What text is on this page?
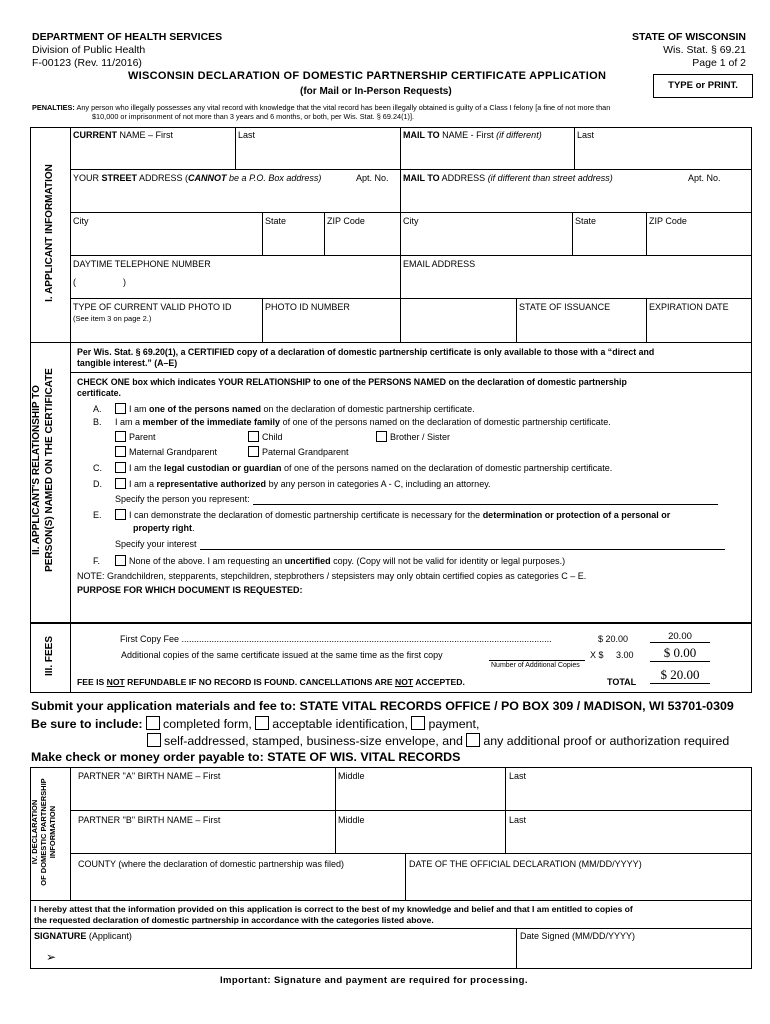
DEPARTMENT OF HEALTH SERVICES
Division of Public Health
F-00123 (Rev. 11/2016)
STATE OF WISCONSIN
Wis. Stat. § 69.21
Page 1 of 2
WISCONSIN DECLARATION OF DOMESTIC PARTNERSHIP CERTIFICATE APPLICATION
(for Mail or In-Person Requests)
TYPE or PRINT.
PENALTIES: Any person who illegally possesses any vital record with knowledge that the vital record has been illegally obtained is guilty of a Class I felony [a fine of not more than
$10,000 or imprisonment of not more than 3 years and 6 months, or both, per Wis. Stat. § 69.24(1)].
I. APPLICANT INFORMATION
CURRENT NAME – First	Last	MAIL TO NAME - First (if different)	Last
YOUR STREET ADDRESS (CANNOT be a P.O. Box address)	Apt. No. MAIL TO ADDRESS (if different than street address)	Apt. No.
City	State	ZIP Code	City	State	ZIP Code
DAYTIME TELEPHONE NUMBER
(	)
EMAIL ADDRESS
TYPE OF CURRENT VALID PHOTO ID
(See item 3 on page 2.)
PHOTO ID NUMBER	STATE OF ISSUANCE	EXPIRATION DATE
II. APPLICANT'S RELATIONSHIP TO PERSON(S) NAMED ON THE CERTIFICATE
Per Wis. Stat. § 69.20(1), a CERTIFIED copy of a declaration of domestic partnership certificate is only available to those with a “direct and
tangible interest.” (A–E)
CHECK ONE box which indicates YOUR RELATIONSHIP to one of the PERSONS NAMED on the declaration of domestic partnership
certificate.
A.	I am one of the persons named on the declaration of domestic partnership certificate.
B. I am a member of the immediate family of one of the persons named on the declaration of domestic partnership certificate.
Parent	Child	Brother / Sister
Maternal Grandparent	Paternal Grandparent
C.	I am the legal custodian or guardian of one of the persons named on the declaration of domestic partnership certificate.
D.	I am a representative authorized by any person in categories A - C, including an attorney.
Specify the person you represent:
E.	I can demonstrate the declaration of domestic partnership certificate is necessary for the determination or protection of a personal or
property right.
Specify your interest
F.	None of the above. I am requesting an uncertified copy. (Copy will not be valid for identity or legal purposes.)
NOTE: Grandchildren, stepparents, stepchildren, stepbrothers / stepsisters may only obtain certified copies as categories C – E.
PURPOSE FOR WHICH DOCUMENT IS REQUESTED:
III. FEES	First Copy Fee ....................................................................................................................................................	$ 20.00	20.00
Additional copies of the same certificate issued at the same time as the first copy	X $ 3.00	$ 0.00
Number of Additional Copies
FEE IS NOT REFUNDABLE IF NO RECORD IS FOUND. CANCELLATIONS ARE NOT ACCEPTED.	TOTAL	$ 20.00
Submit your application materials and fee to: STATE VITAL RECORDS OFFICE / PO BOX 309 / MADISON, WI 53701-0309
Be sure to include: completed form, acceptable identification, payment,
self-addressed, stamped, business-size envelope, and any additional proof or authorization required
Make check or money order payable to: STATE OF WIS. VITAL RECORDS
IV. DECLARATION OF DOMESTIC PARTNERSHIP INFORMATION
PARTNER "A" BIRTH NAME – First	Middle	Last
PARTNER "B" BIRTH NAME – First	Middle	Last
COUNTY (where the declaration of domestic partnership was filed)	DATE OF THE OFFICIAL DECLARATION (MM/DD/YYYY)
I hereby attest that the information provided on this application is correct to the best of my knowledge and belief and that I am entitled to copies of
the requested declaration of domestic partnership in accordance with the categories listed above.
SIGNATURE (Applicant)
➢
Date Signed (MM/DD/YYYY)
Important: Signature and payment are required for processing.
